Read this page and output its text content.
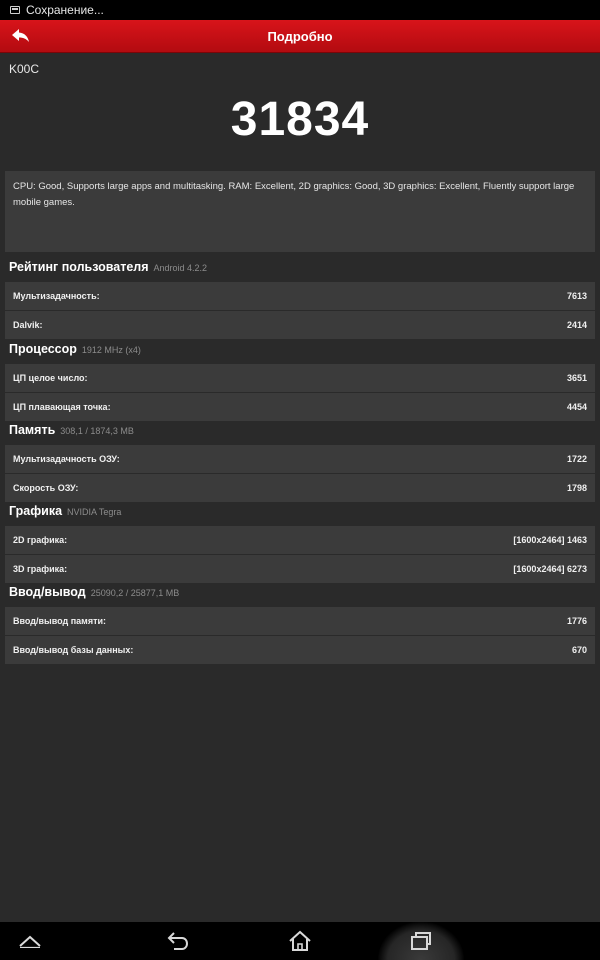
Сохранение...
Подробно
K00C
31834
CPU: Good, Supports large apps and multitasking. RAM: Excellent, 2D graphics: Good, 3D graphics: Excellent, Fluently support large mobile games.
Рейтинг пользователя Android 4.2.2
Мультизадачность:	7613
Dalvik:	2414
Процессор 1912 MHz (x4)
ЦП целое число:	3651
ЦП плавающая точка:	4454
Память 308,1 / 1874,3 MB
Мультизадачность ОЗУ:	1722
Скорость ОЗУ:	1798
Графика NVIDIA Tegra
2D графика:	[1600x2464] 1463
3D графика:	[1600x2464] 6273
Ввод/вывод 25090,2 / 25877,1 MB
Ввод/вывод памяти:	1776
Ввод/вывод базы данных:	670
